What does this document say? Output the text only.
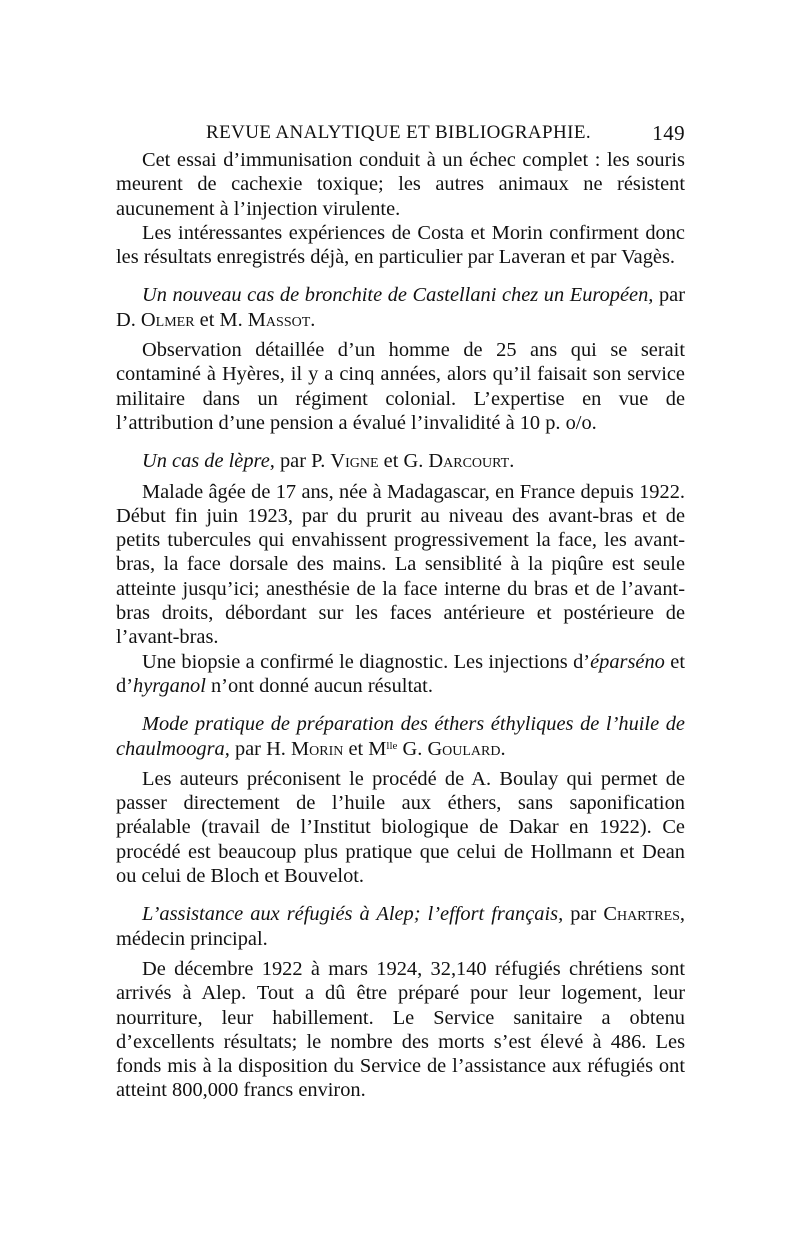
REVUE ANALYTIQUE ET BIBLIOGRAPHIE.	149

Cet essai d’immunisation conduit à un échec complet : les souris meurent de cachexie toxique; les autres animaux ne résistent aucunement à l’injection virulente.

Les intéressantes expériences de Costa et Morin confirment donc les résultats enregistrés déjà, en particulier par Laveran et par Vagès.

Un nouveau cas de bronchite de Castellani chez un Européen, par D. Olmer et M. Massot.

Observation détaillée d’un homme de 25 ans qui se serait contaminé à Hyères, il y a cinq années, alors qu’il faisait son service militaire dans un régiment colonial. L’expertise en vue de l’attribution d’une pension a évalué l’invalidité à 10 p. o/o.

Un cas de lèpre, par P. Vigne et G. Darcourt.

Malade âgée de 17 ans, née à Madagascar, en France depuis 1922. Début fin juin 1923, par du prurit au niveau des avant-bras et de petits tubercules qui envahissent progressivement la face, les avant-bras, la face dorsale des mains. La sensiblité à la piqûre est seule atteinte jusqu’ici; anesthésie de la face interne du bras et de l’avant-bras droits, débordant sur les faces antérieure et postérieure de l’avant-bras.

Une biopsie a confirmé le diagnostic. Les injections d’éparséno et d’hyrganol n’ont donné aucun résultat.

Mode pratique de préparation des éthers éthyliques de l’huile de chaulmoogra, par H. Morin et $M^{lle}$ G. Goulard.

Les auteurs préconisent le procédé de A. Boulay qui permet de passer directement de l’huile aux éthers, sans saponification préalable (travail de l’Institut biologique de Dakar en 1922). Ce procédé est beaucoup plus pratique que celui de Hollmann et Dean ou celui de Bloch et Bouvelot.

L’assistance aux réfugiés à Alep; l’effort français, par Chartres, médecin principal.

De décembre 1922 à mars 1924, 32,140 réfugiés chrétiens sont arrivés à Alep. Tout a dû être préparé pour leur logement, leur nourriture, leur habillement. Le Service sanitaire a obtenu d’excellents résultats; le nombre des morts s’est élevé à 486. Les fonds mis à la disposition du Service de l’assistance aux réfugiés ont atteint 800,000 francs environ.
